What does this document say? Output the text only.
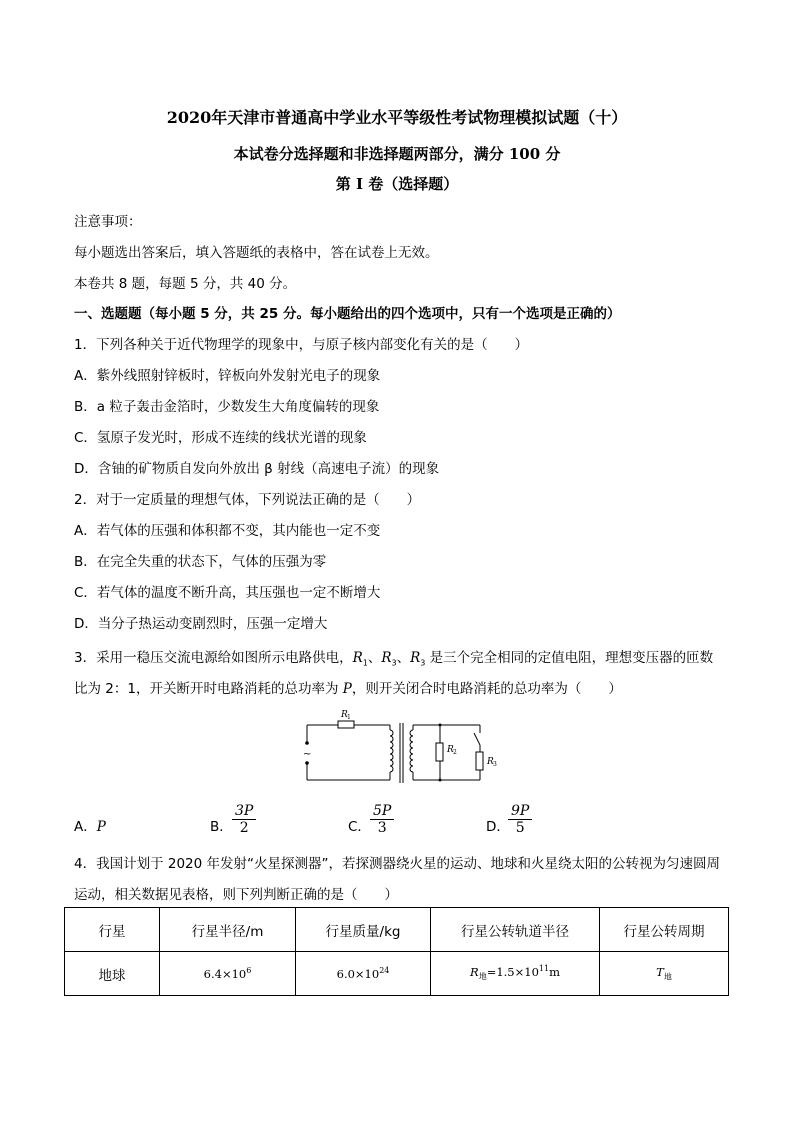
2020年天津市普通高中学业水平等级性考试物理模拟试题（十）
本试卷分选择题和非选择题两部分，满分 100 分
第 I 卷（选择题）
注意事项：
每小题选出答案后，填入答题纸的表格中，答在试卷上无效。
本卷共 8 题，每题 5 分，共 40 分。
一、选题题（每小题 5 分，共 25 分。每小题给出的四个选项中，只有一个选项是正确的）
1．下列各种关于近代物理学的现象中，与原子核内部变化有关的是（　　）
A．紫外线照射锌板时，锌板向外发射光电子的现象
B．a 粒子轰击金箔时，少数发生大角度偏转的现象
C．氢原子发光时，形成不连续的线状光谱的现象
D．含铀的矿物质自发向外放出 β 射线（高速电子流）的现象
2．对于一定质量的理想气体，下列说法正确的是（　　）
A．若气体的压强和体积都不变，其内能也一定不变
B．在完全失重的状态下，气体的压强为零
C．若气体的温度不断升高，其压强也一定不断增大
D．当分子热运动变剧烈时，压强一定增大
3．采用一稳压交流电源给如图所示电路供电，$R_1$、$R_3$、$R_3$ 是三个完全相同的定值电阻，理想变压器的匝数
比为 2：1，开关断开时电路消耗的总功率为 P，则开关闭合时电路消耗的总功率为（　　）
~
R 1
R 2
R 3
A．P	B． $\frac{3P}{2}$	C． $\frac{5P}{3}$	D．
$\frac{9P}{5}$
4．我国计划于 2020 年发射“火星探测器”，若探测器绕火星的运动、地球和火星绕太阳的公转视为匀速圆周
运动，相关数据见表格，则下列判断正确的是（　　）
行星	行星半径/m	行星质量/kg	行星公转轨道半径	行星公转周期
地球	$6.4\times 10^6$	$6.0\times 10^{24}$	$R_地=1.5\times 10^{11}m$	$T_地$
